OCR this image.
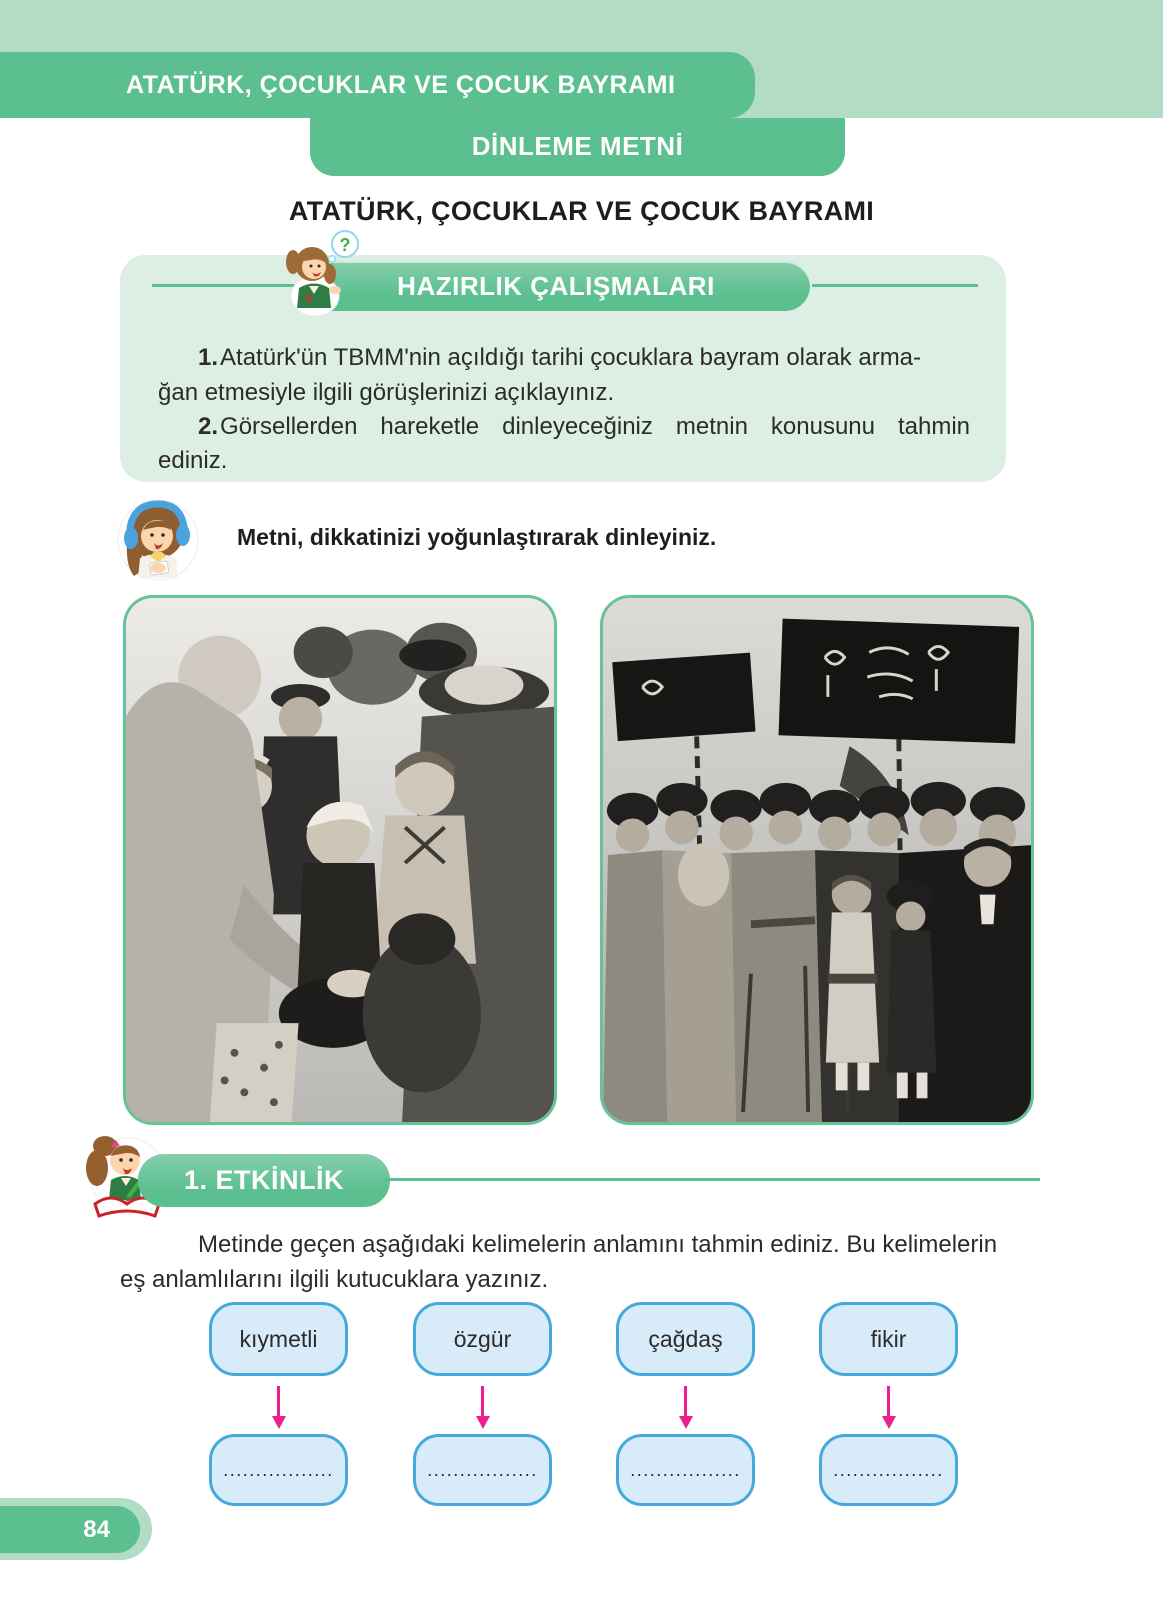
ATATÜRK, ÇOCUKLAR VE ÇOCUK BAYRAMI
DİNLEME METNİ
ATATÜRK, ÇOCUKLAR VE ÇOCUK BAYRAMI
HAZIRLIK ÇALIŞMALARI
?
1. Atatürk'ün TBMM'nin açıldığı tarihi çocuklara bayram olarak arma-
ğan etmesiyle ilgili görüşlerinizi açıklayınız.
2. Görsellerden hareketle dinleyeceğiniz metnin konusunu tahmin
ediniz.
Metni, dikkatinizi yoğunlaştırarak dinleyiniz.
1. ETKİNLİK
Metinde geçen aşağıdaki kelimelerin anlamını tahmin ediniz. Bu kelimelerin
eş anlamlılarını ilgili kutucuklara yazınız.
kıymetli	özgür	çağdaş	fikir
.................	.................	.................	.................
84
